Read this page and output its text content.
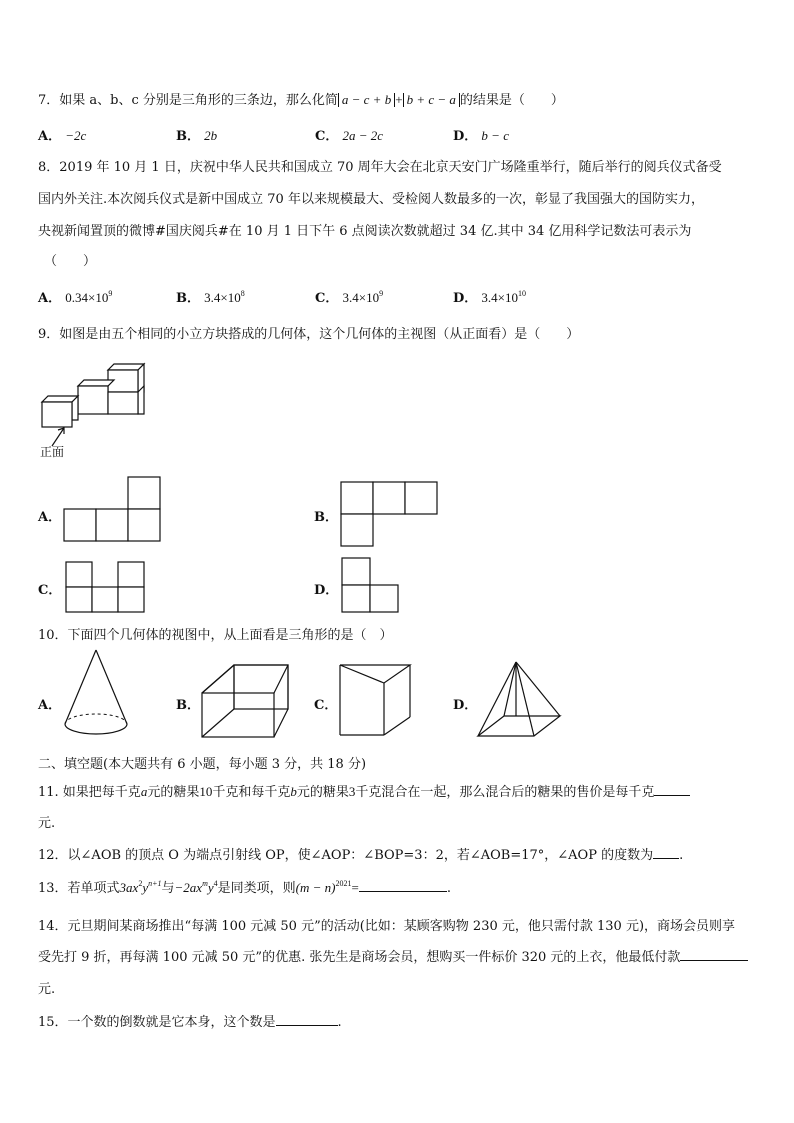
7．如果 a、b、c 分别是三角形的三条边，那么化简 a − c + b + b + c − a 的结果是（　　）
A． −2c	B． 2b	C． 2a − 2c	D． b − c
8．2019 年 10 月 1 日，庆祝中华人民共和国成立 70 周年大会在北京天安门广场隆重举行，随后举行的阅兵仪式备受
国内外关注.本次阅兵仪式是新中国成立 70 年以来规模最大、受检阅人数最多的一次，彰显了我国强大的国防实力，
央视新闻置顶的微博#国庆阅兵#在 10 月 1 日下午 6 点阅读次数就超过 34 亿.其中 34 亿用科学记数法可表示为
（　　）
A． $0.34\times 10^9$	B． $3.4\times 10^8$	C． $3.4\times 10^9$	D． $3.4\times 10^{10}$
9．如图是由五个相同的小立方块搭成的几何体，这个几何体的主视图（从正面看）是（　　）
正面
A．	B．
C．	D．
10．下面四个几何体的视图中，从上面看是三角形的是（　）
A．	B．	C．	D．
二、填空题(本大题共有 6 小题，每小题 3 分，共 18 分)
11. 如果把每千克a元的糖果10千克和每千克b元的糖果3千克混合在一起，那么混合后的糖果的售价是每千克
元.
12．以∠AOB 的顶点 O 为端点引射线 OP，使∠AOP：∠BOP=3：2，若∠AOB=17°，∠AOP 的度数为 .
13．若单项式$3ax^2y^{n+1}$与$-2ax^my^4$是同类项，则$(m - n)^{2021}=$	.
14．元旦期间某商场推出“每满 100 元减 50 元”的活动(比如：某顾客购物 230 元，他只需付款 130 元)，商场会员则享
受先打 9 折，再每满 100 元减 50 元”的优惠. 张先生是商场会员，想购买一件标价 320 元的上衣，他最低付款
元.
15．一个数的倒数就是它本身，这个数是	.
